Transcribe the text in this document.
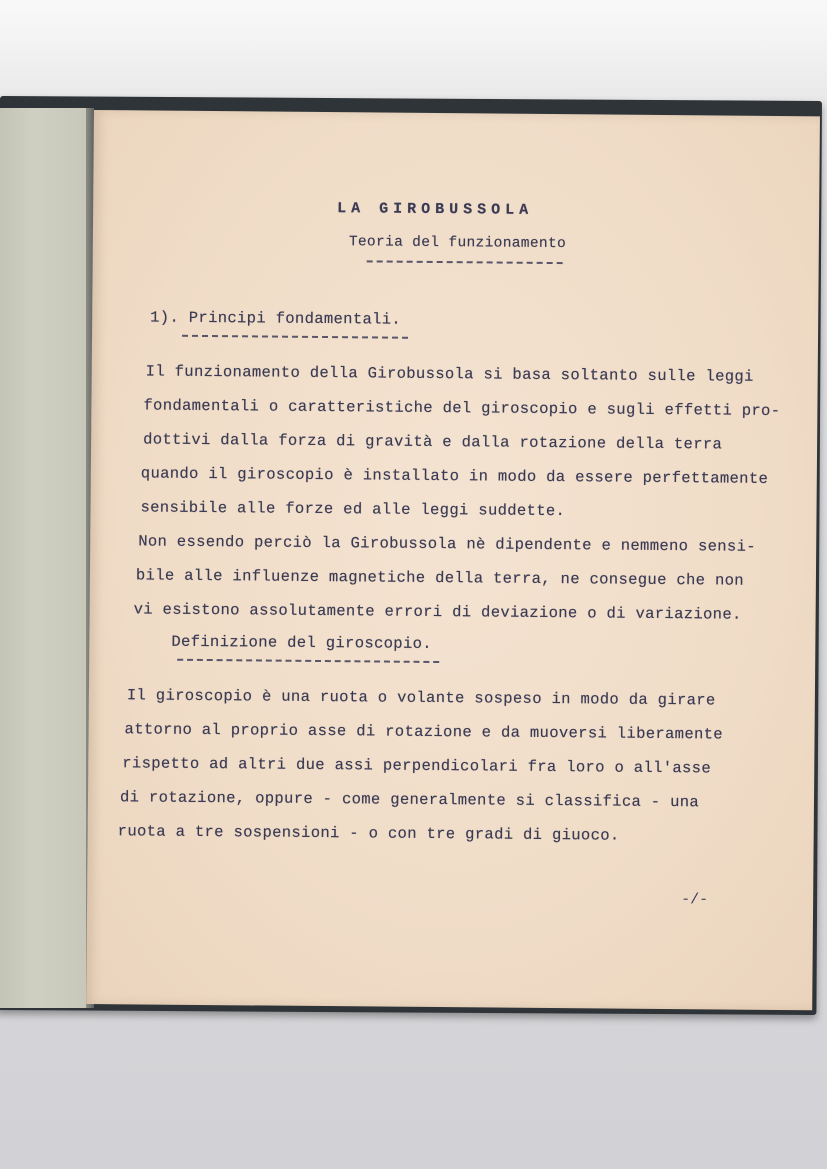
LA GIROBUSSOLA
Teoria del funzionamento
1). Principi fondamentali.
Il funzionamento della Girobussola si basa soltanto sulle leggi
fondamentali o caratteristiche del giroscopio e sugli effetti pro-
dottivi dalla forza di gravità e dalla rotazione della terra
quando il giroscopio è installato in modo da essere perfettamente
sensibile alle forze ed alle leggi suddette.
Non essendo perciò la Girobussola nè dipendente e nemmeno sensi-
bile alle influenze magnetiche della terra, ne consegue che non
vi esistono assolutamente errori di deviazione o di variazione.
Definizione del giroscopio.
Il giroscopio è una ruota o volante sospeso in modo da girare
attorno al proprio asse di rotazione e da muoversi liberamente
rispetto ad altri due assi perpendicolari fra loro o all'asse
di rotazione, oppure - come generalmente si classifica - una
ruota a tre sospensioni - o con tre gradi di giuoco.
-/-
